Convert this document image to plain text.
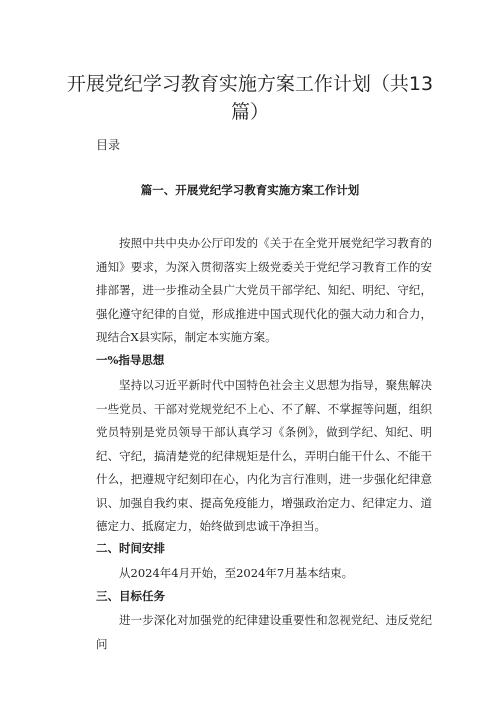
开展党纪学习教育实施方案工作计划（共13篇）

目录

篇一、开展党纪学习教育实施方案工作计划

按照中共中央办公厅印发的《关于在全党开展党纪学习教育的通知》要求，为深入贯彻落实上级党委关于党纪学习教育工作的安排部署，进一步推动全县广大党员干部学纪、知纪、明纪、守纪，强化遵守纪律的自觉，形成推进中国式现代化的强大动力和合力，现结合X县实际，制定本实施方案。

一%指导思想

坚持以习近平新时代中国特色社会主义思想为指导，聚焦解决一些党员、干部对党规党纪不上心、不了解、不掌握等问题，组织党员特别是党员领导干部认真学习《条例》，做到学纪、知纪、明纪、守纪，搞清楚党的纪律规矩是什么，弄明白能干什么、不能干什么，把遵规守纪刻印在心，内化为言行准则，进一步强化纪律意识、加强自我约束、提高免疫能力，增强政治定力、纪律定力、道德定力、抵腐定力，始终做到忠诚干净担当。

二、时间安排

从2024年4月开始，至2024年7月基本结束。

三、目标任务

进一步深化对加强党的纪律建设重要性和忽视党纪、违反党纪问
